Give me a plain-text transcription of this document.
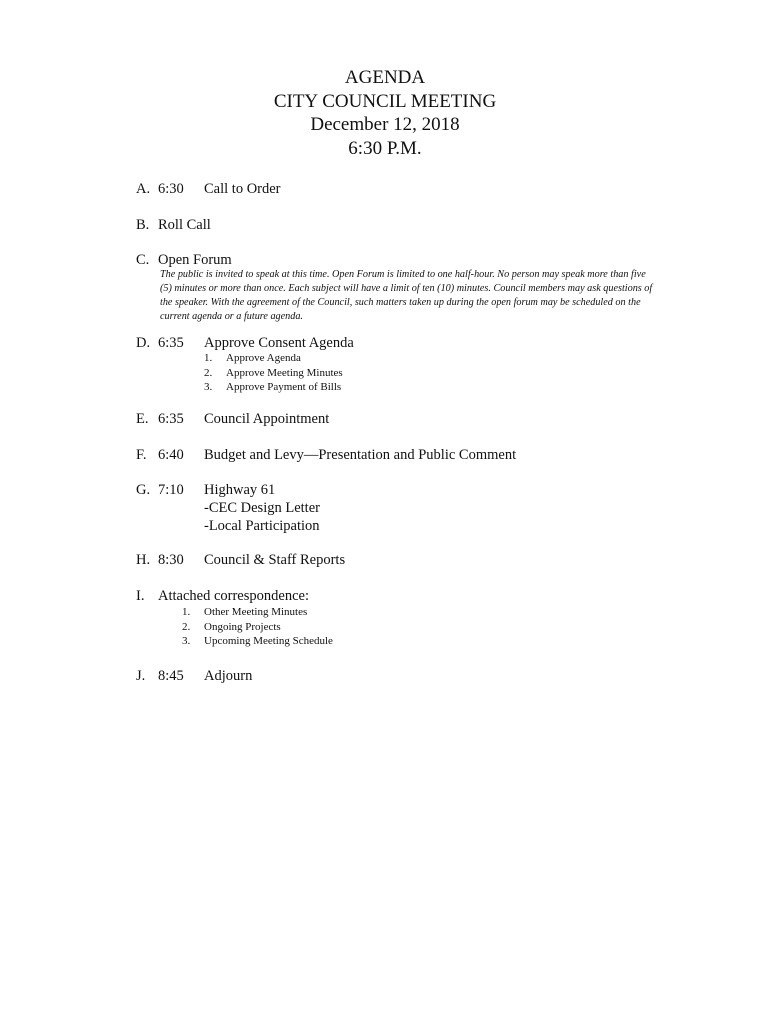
AGENDA
CITY COUNCIL MEETING
December 12, 2018
6:30 P.M.
A. 6:30 Call to Order
B. Roll Call
C. Open Forum
The public is invited to speak at this time. Open Forum is limited to one half-hour. No person may speak more than five (5) minutes or more than once. Each subject will have a limit of ten (10) minutes. Council members may ask questions of the speaker. With the agreement of the Council, such matters taken up during the open forum may be scheduled on the current agenda or a future agenda.
D. 6:35 Approve Consent Agenda
1. Approve Agenda
2. Approve Meeting Minutes
3. Approve Payment of Bills
E. 6:35 Council Appointment
F. 6:40 Budget and Levy—Presentation and Public Comment
G. 7:10 Highway 61
-CEC Design Letter
-Local Participation
H. 8:30 Council & Staff Reports
I. Attached correspondence:
1. Other Meeting Minutes
2. Ongoing Projects
3. Upcoming Meeting Schedule
J. 8:45 Adjourn
